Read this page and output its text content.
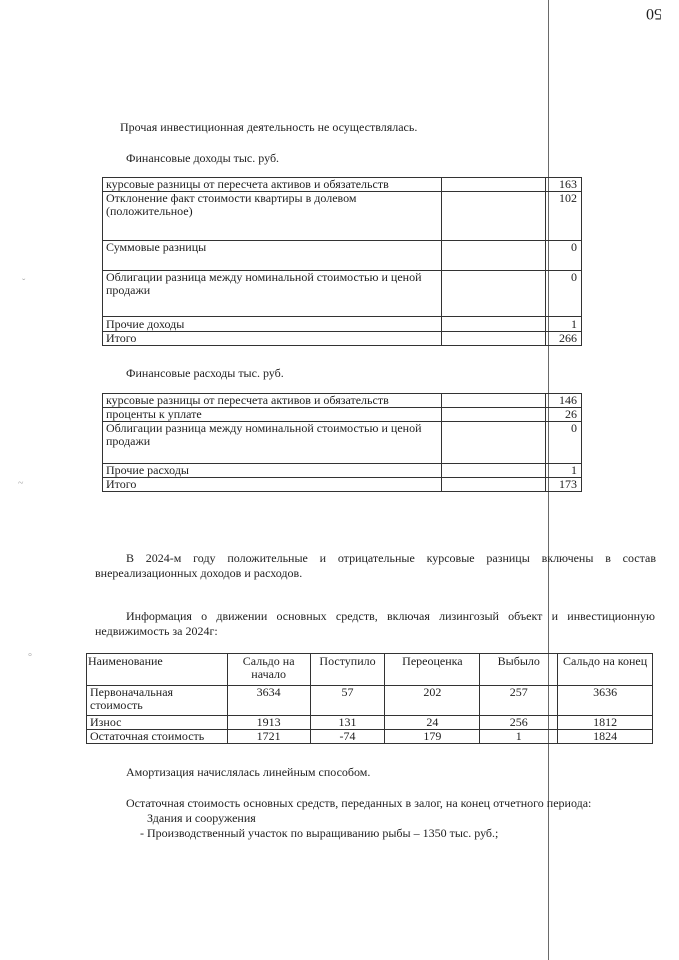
50
ˇ
~
°
Прочая инвестиционная деятельность не осуществлялась.
Финансовые доходы тыс. руб.
курсовые разницы от пересчета активов и обязательств		163
Отклонение факт стоимости квартиры в долевом (положительное)		102
Суммовые разницы		0
Облигации разница между номинальной стоимостью и ценой продажи		0
Прочие доходы		1
Итого		266
Финансовые расходы тыс. руб.
курсовые разницы от пересчета активов и обязательств		146
проценты к уплате		26
Облигации разница между номинальной стоимостью и ценой продажи		0
Прочие расходы		1
Итого		173
В 2024-м году положительные и отрицательные курсовые разницы включены в состав
внереализационных доходов и расходов.
Информация о движении основных средств, включая лизингозый объект и инвестиционную
недвижимость за 2024г:
Наименование	Сальдо на начало	Поступило	Переоценка	Выбыло	Сальдо на конец
Первоначальная стоимость	3634	57	202	257	3636
Износ	1913	131	24	256	1812
Остаточная стоимость	1721	-74	179	1	1824
Амортизация начислялась линейным способом.
Остаточная стоимость основных средств, переданных в залог, на конец отчетного периода:
Здания и сооружения
- Производственный участок по выращиванию рыбы – 1350 тыс. руб.;
